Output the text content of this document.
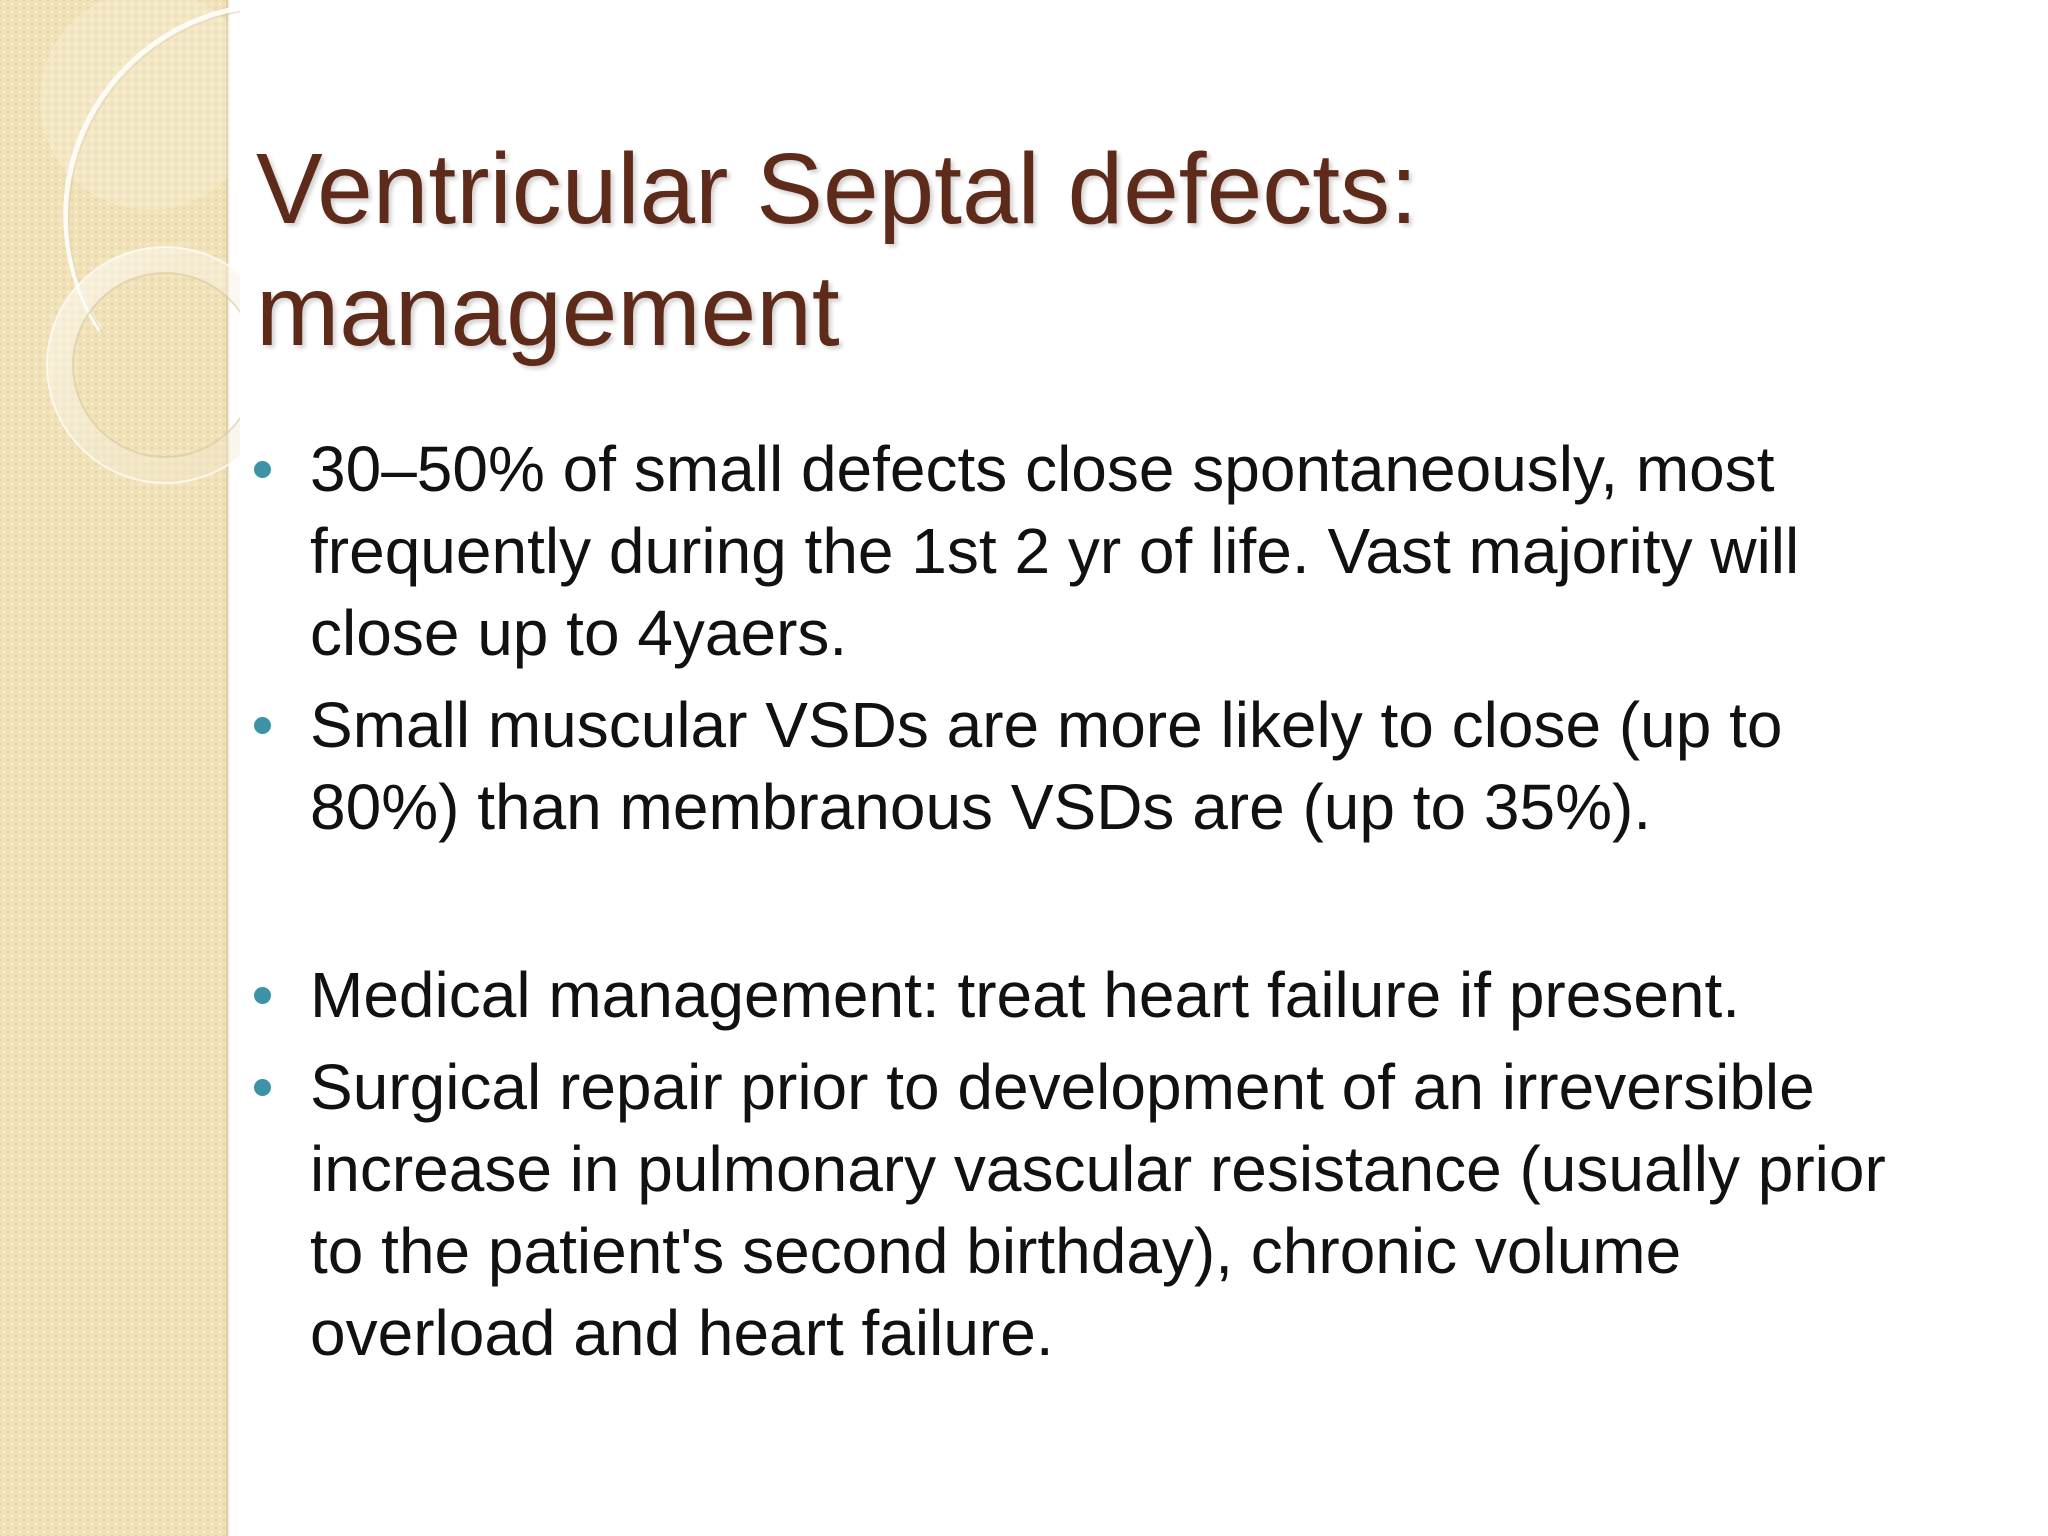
Ventricular Septal defects:
management
30–50% of small defects close spontaneously, most
frequently during the 1st 2 yr of life. Vast majority will
close up to 4yaers.
Small muscular VSDs are more likely to close (up to
80%) than membranous VSDs are (up to 35%).
Medical management: treat heart failure if present.
Surgical repair prior to development of an irreversible
increase in pulmonary vascular resistance (usually prior
to the patient's second birthday), chronic volume
overload and heart failure.
